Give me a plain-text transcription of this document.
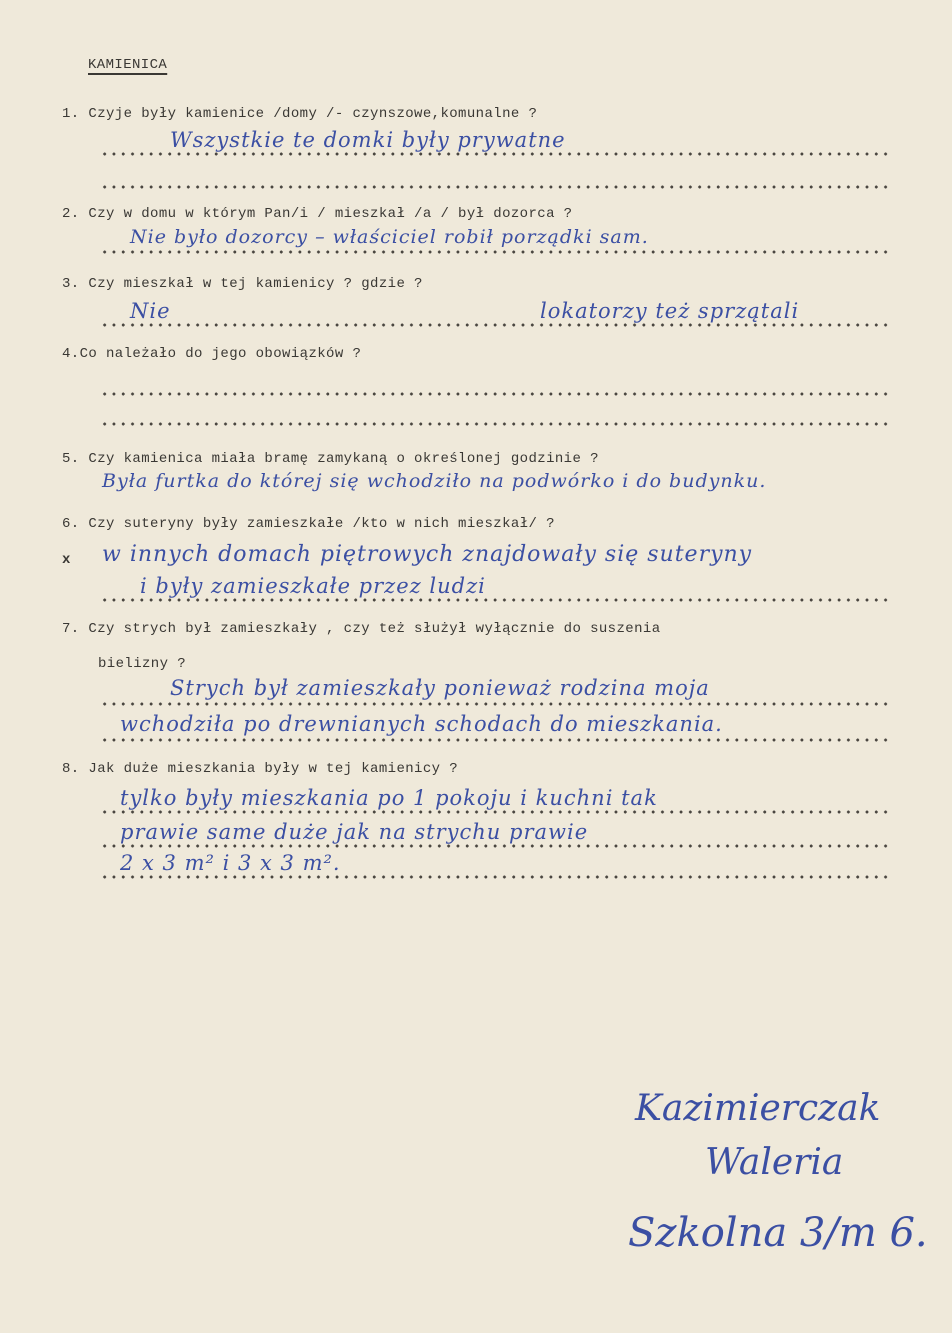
KAMIENICA
1. Czyje były kamienice /domy /- czynszowe,komunalne ?
Wszystkie te domki były prywatne
2. Czy w domu w którym Pan/i / mieszkał /a / był dozorca ?
Nie było dozorcy – właściciel robił porządki sam.
3. Czy mieszkał w tej kamienicy ? gdzie ?
Nie	lokatorzy też sprzątali
4.Co należało do jego obowiązków ?
5. Czy kamienica miała bramę zamykaną o określonej godzinie ?
Była furtka do której się wchodziło na podwórko i do budynku.
6. Czy suteryny były zamieszkałe /kto w nich mieszkał/ ?
x w innych domach piętrowych znajdowały się suteryny
i były zamieszkałe przez ludzi
7. Czy strych był zamieszkały , czy też służył wyłącznie do suszenia
bielizny ?
Strych był zamieszkały ponieważ rodzina moja
wchodziła po drewnianych schodach do mieszkania.
8. Jak duże mieszkania były w tej kamienicy ?
tylko były mieszkania po 1 pokoju i kuchni tak
prawie same duże jak na strychu prawie
2 x 3 m² i 3 x 3 m².
Kazimierczak
Waleria
Szkolna 3/m 6.
